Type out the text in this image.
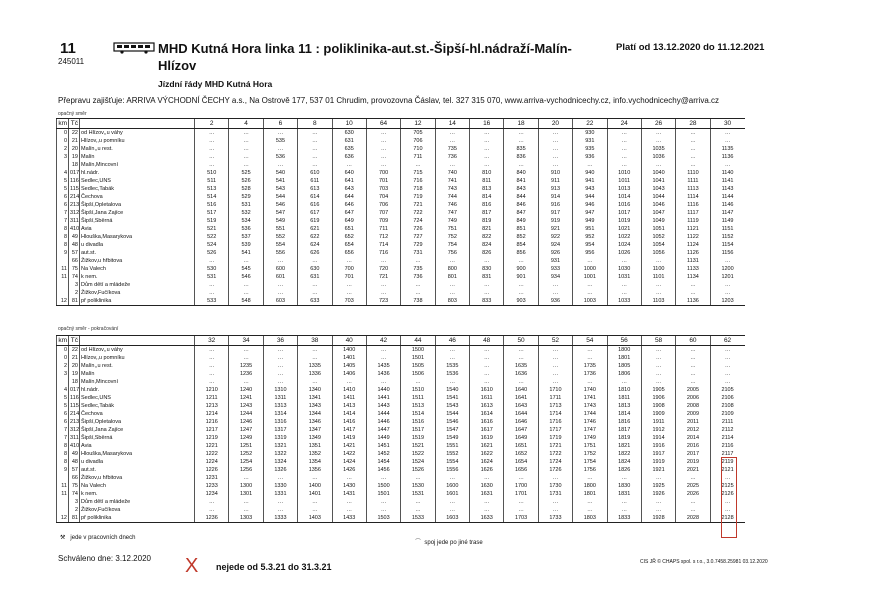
11
245011
MHD Kutná Hora linka 11 : poliklinika-aut.st.-Šipší-hl.nádraží-Malín-Hlízov
Platí od 13.12.2020 do 11.12.2021
Jízdní řády MHD Kutná Hora
Přepravu zajišťuje: ARRIVA VÝCHODNÍ ČECHY a.s., Na Ostrově 177, 537 01 Chrudim, provozovna Čáslav, tel. 327 315 070, www.arriva-vychodnicechy.cz, info.vychodnicechy@arriva.cz
opačný směr
km	Tč		2	4	6	8	10	64	12	14	16	18	20	22	24	26	28	30
0	22	od Hlízov,,u váhy	…	…	…	…	630	…	705	…	…	…	…	930	…	…	…	…
0	21	Hlízov,,u pomníku	…	…	535	…	631	…	706	…	…	…	…	931	…	…	…	…
2	20	Malín,,u rest.	…	…	…	…	635	…	710	735	…	835	…	935	…	1035	…	1135
3	19	Malín	…	…	536	…	636	…	711	736	…	836	…	936	…	1036	…	1136
	18	Malín,Mincovní	…	…	…	…	…	…	…	…	…	…	…	…	…	…	…	…
4	017	hl.nádr.	510	525	540	610	640	700	715	740	810	840	910	940	1010	1040	1110	1140
5	116	Sedlec,UNS	511	526	541	611	641	701	716	741	811	841	911	941	1011	1041	1111	1141
5	115	Sedlec,Tabák	513	528	543	613	643	703	718	743	813	843	913	943	1013	1043	1113	1143
6	214	Čechova	514	529	544	614	644	704	719	744	814	844	914	944	1014	1044	1114	1144
6	213	Šipší,Opletalova	516	531	546	616	646	706	721	746	816	846	916	946	1016	1046	1116	1146
7	312	Šipší,Jana Zajíce	517	532	547	617	647	707	722	747	817	847	917	947	1017	1047	1117	1147
7	311	Šipší,Sběrná	519	534	549	619	649	709	724	749	819	849	919	949	1019	1049	1119	1149
8	410	Avia	521	536	551	621	651	711	726	751	821	851	921	951	1021	1051	1121	1151
8	49	Hlouška,Masarykova	522	537	552	622	652	712	727	752	822	852	922	952	1022	1052	1122	1152
8	48	u divadla	524	539	554	624	654	714	729	754	824	854	924	954	1024	1054	1124	1154
9	57	aut.st.	526	541	556	626	656	716	731	756	826	856	926	956	1026	1056	1126	1156
	66	Žižkov,u hřbitova	…	…	…	…	…	…	…	…	…	…	931	…	…	…	1131	…
11	75	Na Valech	530	545	600	630	700	720	735	800	830	900	933	1000	1030	1100	1133	1200
11	74	k nem.	531	546	601	631	701	721	736	801	831	901	934	1001	1031	1101	1134	1201
	3	Dům dětí a mládeže	…	…	…	…	…	…	…	…	…	…	…	…	…	…	…	…
	2	Žižkov,Fučíkova	…	…	…	…	…	…	…	…	…	…	…	…	…	…	…	…
12	81	př poliklinika	533	548	603	633	703	723	738	803	833	903	936	1003	1033	1103	1136	1203
opačný směr - pokračování
km	Tč		32	34	36	38	40	42	44	46	48	50	52	54	56	58	60	62
0	22	od Hlízov,,u váhy	…	…	…	…	1400	…	1500	…	…	…	…	…	1800	…	…	…
0	21	Hlízov,,u pomníku	…	…	…	…	1401	…	1501	…	…	…	…	…	1801	…	…	…
2	20	Malín,,u rest.	…	1235	…	1335	1405	1435	1505	1535	…	1635	…	1735	1805	…	…	…
3	19	Malín	…	1236	…	1336	1406	1436	1506	1536	…	1636	…	1736	1806	…	…	…
	18	Malín,Mincovní	…	…	…	…	…	…	…	…	…	…	…	…	…	…	…	…
4	017	hl.nádr.	1210	1240	1310	1340	1410	1440	1510	1540	1610	1640	1710	1740	1810	1905	2005	2105
5	116	Sedlec,UNS	1211	1241	1311	1341	1411	1441	1511	1541	1611	1641	1711	1741	1811	1906	2006	2106
5	115	Sedlec,Tabák	1213	1243	1313	1343	1413	1443	1513	1543	1613	1643	1713	1743	1813	1908	2008	2108
6	214	Čechova	1214	1244	1314	1344	1414	1444	1514	1544	1614	1644	1714	1744	1814	1909	2009	2109
6	213	Šipší,Opletalova	1216	1246	1316	1346	1416	1446	1516	1546	1616	1646	1716	1746	1816	1911	2011	2111
7	312	Šipší,Jana Zajíce	1217	1247	1317	1347	1417	1447	1517	1547	1617	1647	1717	1747	1817	1912	2012	2112
7	311	Šipší,Sběrná	1219	1249	1319	1349	1419	1449	1519	1549	1619	1649	1719	1749	1819	1914	2014	2114
8	410	Avia	1221	1251	1321	1351	1421	1451	1521	1551	1621	1651	1721	1751	1821	1916	2016	2116
8	49	Hlouška,Masarykova	1222	1252	1322	1352	1422	1452	1522	1552	1622	1652	1722	1752	1822	1917	2017	2117
8	48	u divadla	1224	1254	1324	1354	1424	1454	1524	1554	1624	1654	1724	1754	1824	1919	2019	2119
9	57	aut.st.	1226	1256	1326	1356	1426	1456	1526	1556	1626	1656	1726	1756	1826	1921	2021	2121
	66	Žižkov,u hřbitova	1231	…	…	…	…	…	…	…	…	…	…	…	…	…	…	…
11	75	Na Valech	1233	1300	1330	1400	1430	1500	1530	1600	1630	1700	1730	1800	1830	1925	2025	2125
11	74	k nem.	1234	1301	1331	1401	1431	1501	1531	1601	1631	1701	1731	1801	1831	1926	2026	2126
	3	Dům dětí a mládeže	…	…	…	…	…	…	…	…	…	…	…	…	…	…	…	…
	2	Žižkov,Fučíkova	…	…	…	…	…	…	…	…	…	…	…	…	…	…	…	…
12	81	př poliklinika	1236	1303	1333	1403	1433	1503	1533	1603	1633	1703	1733	1803	1833	1928	2028	2128
⚒ jede v pracovních dnech
⌒ spoj jede po jiné trase
Schváleno dne: 3.12.2020 X nejede od 5.3.21 do 31.3.21	CIS JŘ © CHAPS spol. s r.o., 3.0.7458.25981 03.12.2020
